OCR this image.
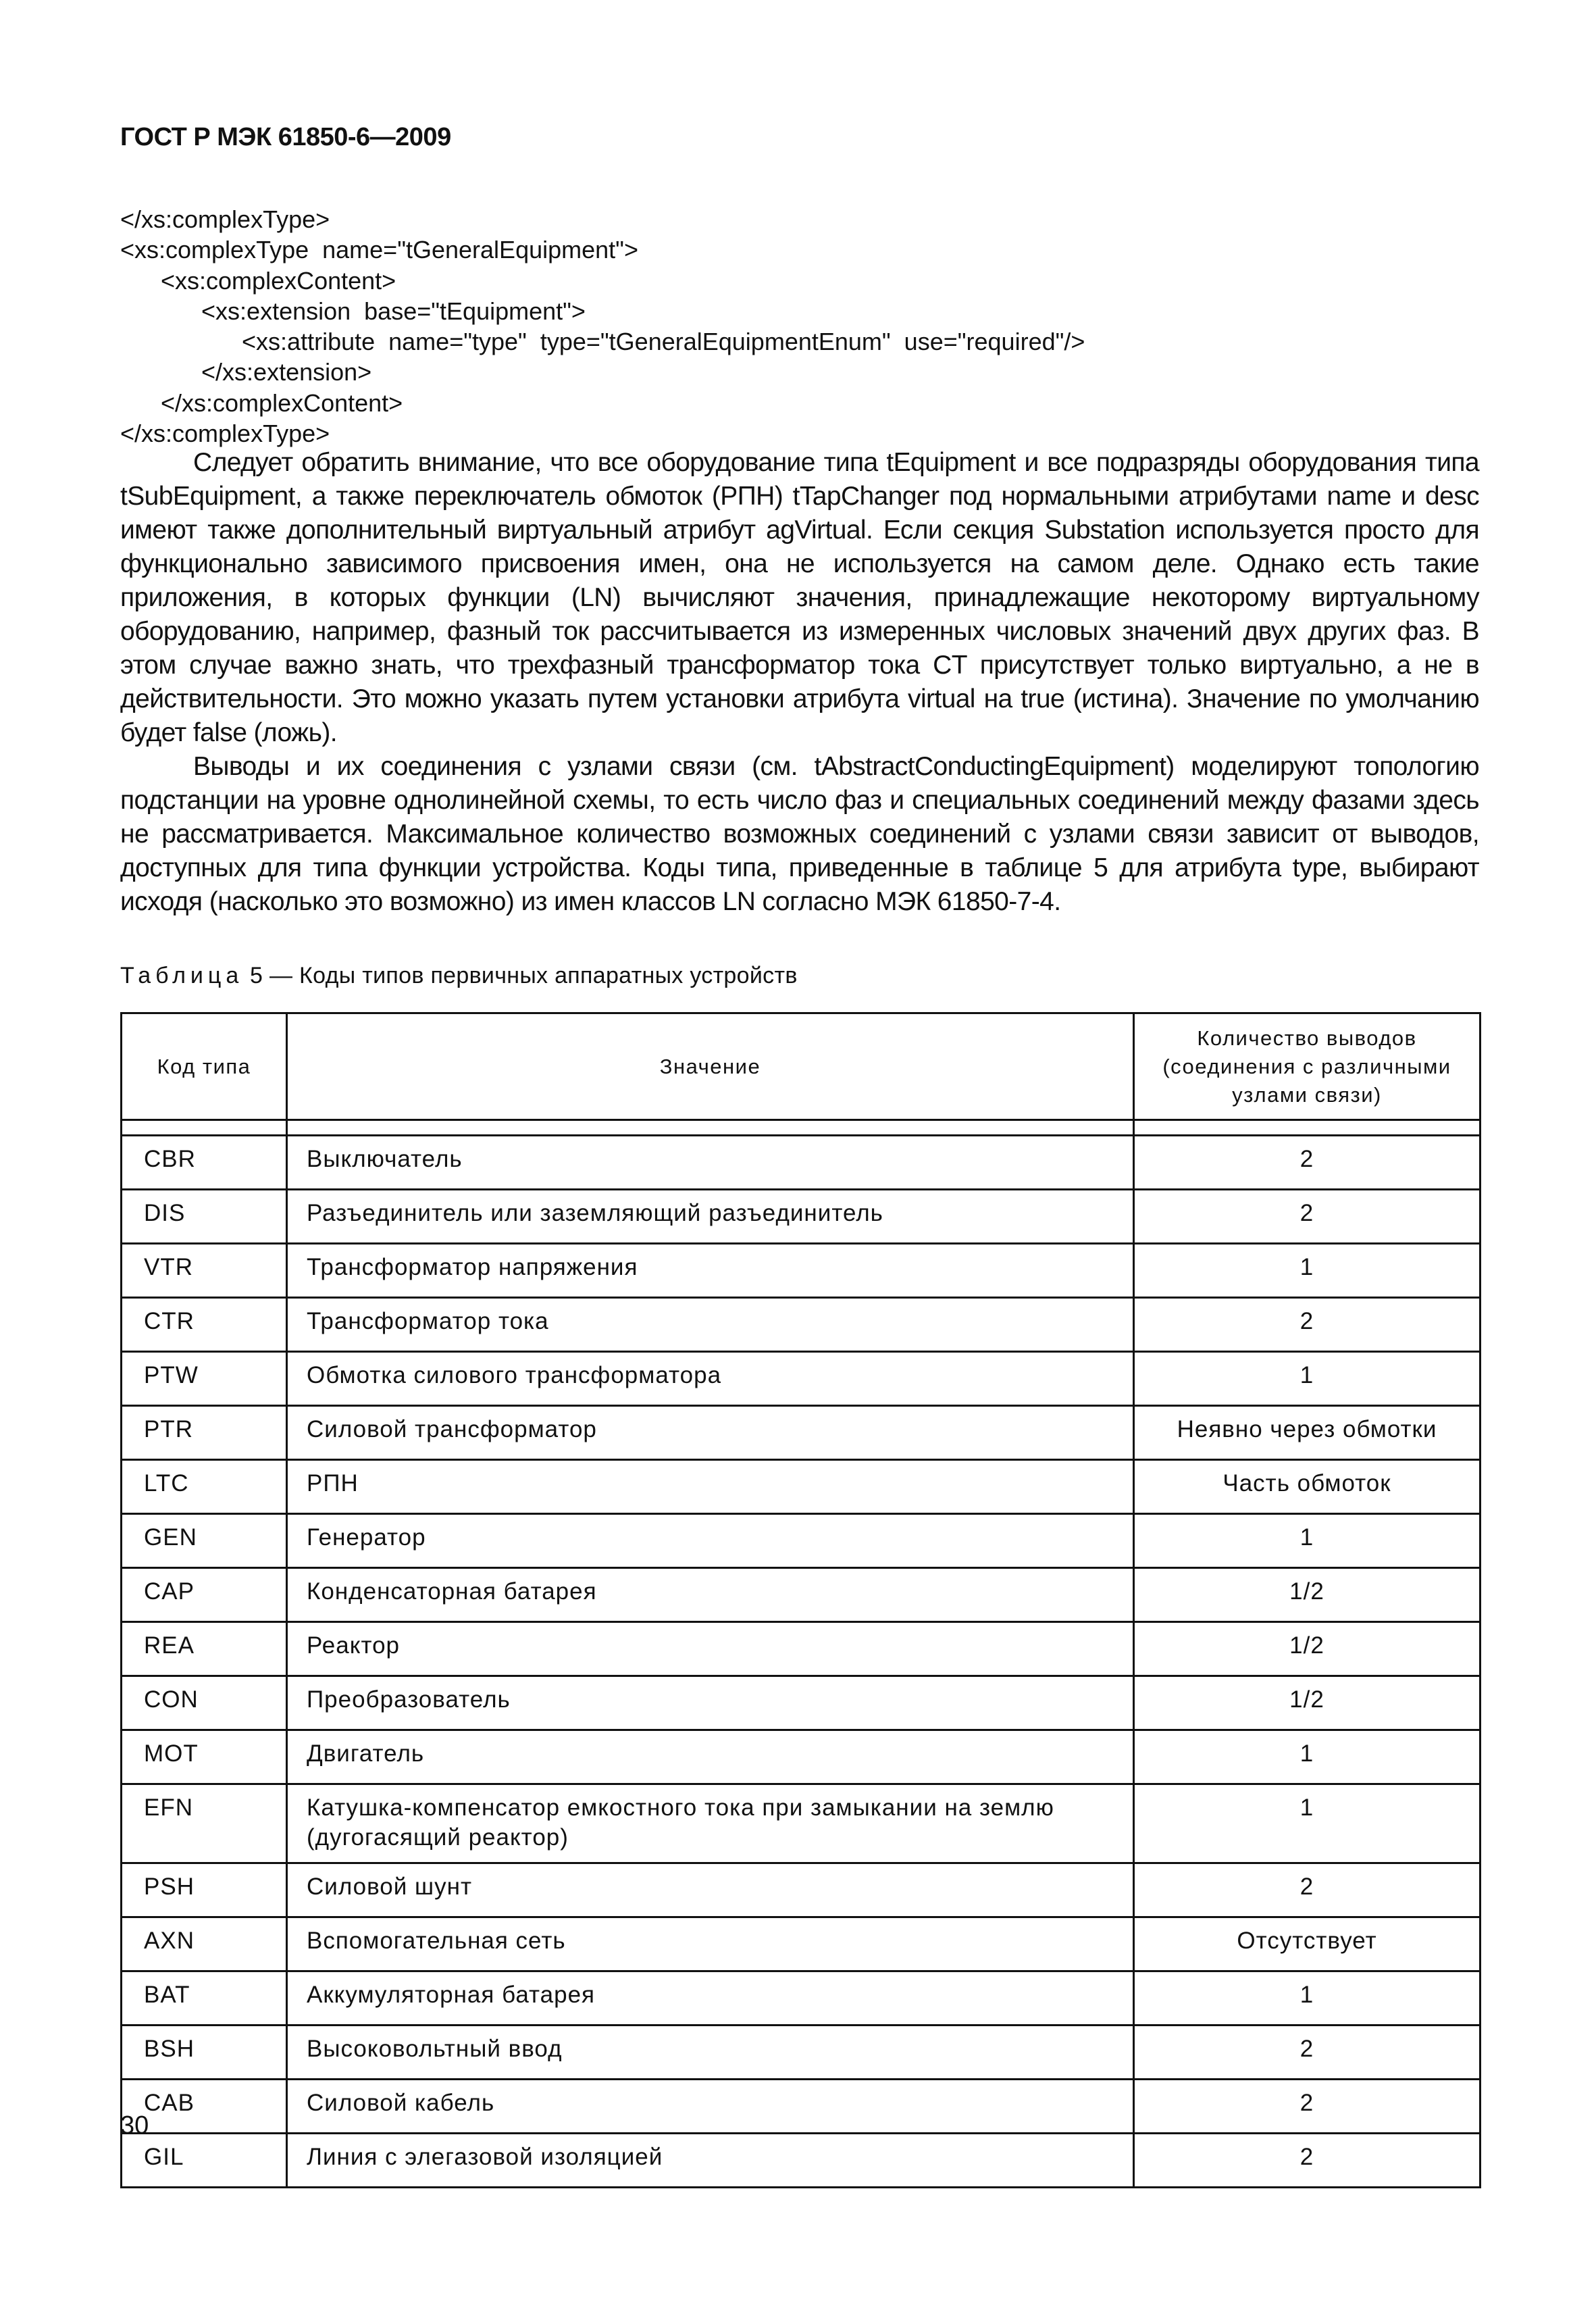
ГОСТ Р МЭК 61850-6—2009
</xs:complexType>
<xs:complexType  name="tGeneralEquipment">
<xs:complexContent>
<xs:extension  base="tEquipment">
<xs:attribute  name="type"  type="tGeneralEquipmentEnum"  use="required"/>
</xs:extension>
</xs:complexContent>
</xs:complexType>

Следует обратить внимание, что все оборудование типа tEquipment и все подразряды оборудования типа tSubEquipment, а также переключатель обмоток (РПН) tTapChanger под нормальными атрибутами name и desc имеют также дополнительный виртуальный атрибут agVirtual. Если секция Substation используется просто для функционально зависимого присвоения имен, она не используется на самом деле. Однако есть такие приложения, в которых функции (LN) вычисляют значения, принадлежащие некоторому виртуальному оборудованию, например, фазный ток рассчитывается из измеренных числовых значений двух других фаз. В этом случае важно знать, что трехфазный трансформатор тока CT присутствует только виртуально, а не в действительности. Это можно указать путем установки атрибута virtual на true (истина). Значение по умолчанию будет false (ложь).

Выводы и их соединения с узлами связи (см. tAbstractConductingEquipment) моделируют топологию подстанции на уровне однолинейной схемы, то есть число фаз и специальных соединений между фазами здесь не рассматривается. Максимальное количество возможных соединений с узлами связи зависит от выводов, доступных для типа функции устройства. Коды типа, приведенные в таблице 5 для атрибута type, выбирают исходя (насколько это возможно) из имен классов LN согласно МЭК 61850-7-4.

Таблица 5 — Коды типов первичных аппаратных устройств
Код типа	Значение	Количество выводов (соединения с различными узлами связи)

CBR	Выключатель	2
DIS	Разъединитель или заземляющий разъединитель	2
VTR	Трансформатор напряжения	1
CTR	Трансформатор тока	2
PTW	Обмотка силового трансформатора	1
PTR	Силовой трансформатор	Неявно через обмотки
LTC	РПН	Часть обмоток
GEN	Генератор	1
CAP	Конденсаторная батарея	1/2
REA	Реактор	1/2
CON	Преобразователь	1/2
MOT	Двигатель	1
EFN	Катушка-компенсатор емкостного тока при замыкании на землю (дугогасящий реактор)	1
PSH	Силовой шунт	2
AXN	Вспомогательная сеть	Отсутствует
BAT	Аккумуляторная батарея	1
BSH	Высоковольтный ввод	2
CAB	Силовой кабель	2
GIL	Линия с элегазовой изоляцией	2
30
